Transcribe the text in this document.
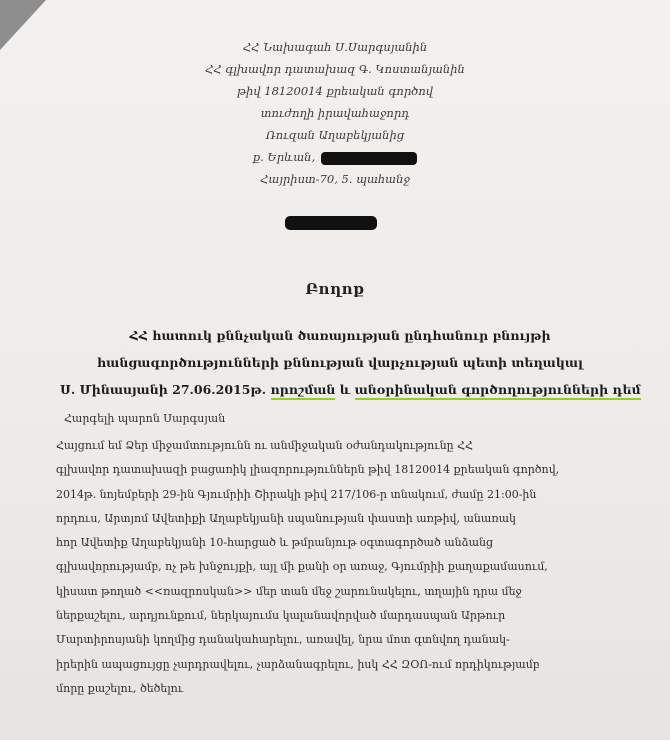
ՀՀ Նախագահ Ս.Սարգսյանին
ՀՀ գլխավոր դատախազ Գ. Կոստանյանին
թիվ 18120014 քրեական գործով
տուժողի իրավահաջորդ
Ռուզան Աղաբեկյանից
ք. Երևան,
Հայրիստ-70, 5. պահանջ
Բողոք
ՀՀ հատուկ քննչական ծառայության ընդհանուր բնույթի
հանցագործությունների քննության վարչության պետի տեղակալ
Ս. Մինասյանի 27.06.2015թ. որոշման և անօրինական գործողությունների դեմ
Հարգելի պարոն Սարգսյան
Հայցում եմ Ձեր միջամտությունն ու անմիջական օժանդակությունը ՀՀ
գլխավոր դատախազի բացառիկ լիազորություններն թիվ 18120014 քրեական գործով,
2014թ. նոյեմբերի 29-ին Գյումրիի Շիրակի թիվ 217/106-ր տնակում, ժամը 21:00-ին
որդուս, Արտյոմ Ավետիքի Աղաբեկյանի սպանության փաստի առթիվ, անառակ
հոր Ավետիք Աղաբեկյանի 10-հարցած և թմրանյութ օգտագործած անձանց
գլխավորությամբ, ոչ թե խնջույքի, այլ մի քանի օր առաջ, Գյումրիի քաղաքամասում,
կիսատ թողած <<ռազրոսկան>> մեր տան մեջ շարունակելու, տղային դրա մեջ
ներքաշելու, արդյունքում, ներկայումս կալանավորված մարդասպան Արթուր
Մարտիրոսյանի կողմից դանակահարելու, առավել, նրա մոտ գտնվող դանակ-
իրերին ապացույցը չարդրավելու, չարձանագրելու, իսկ ՀՀ ԶՕՈ-ում որդիկությամբ
մորը քաշելու, ծեծելու
